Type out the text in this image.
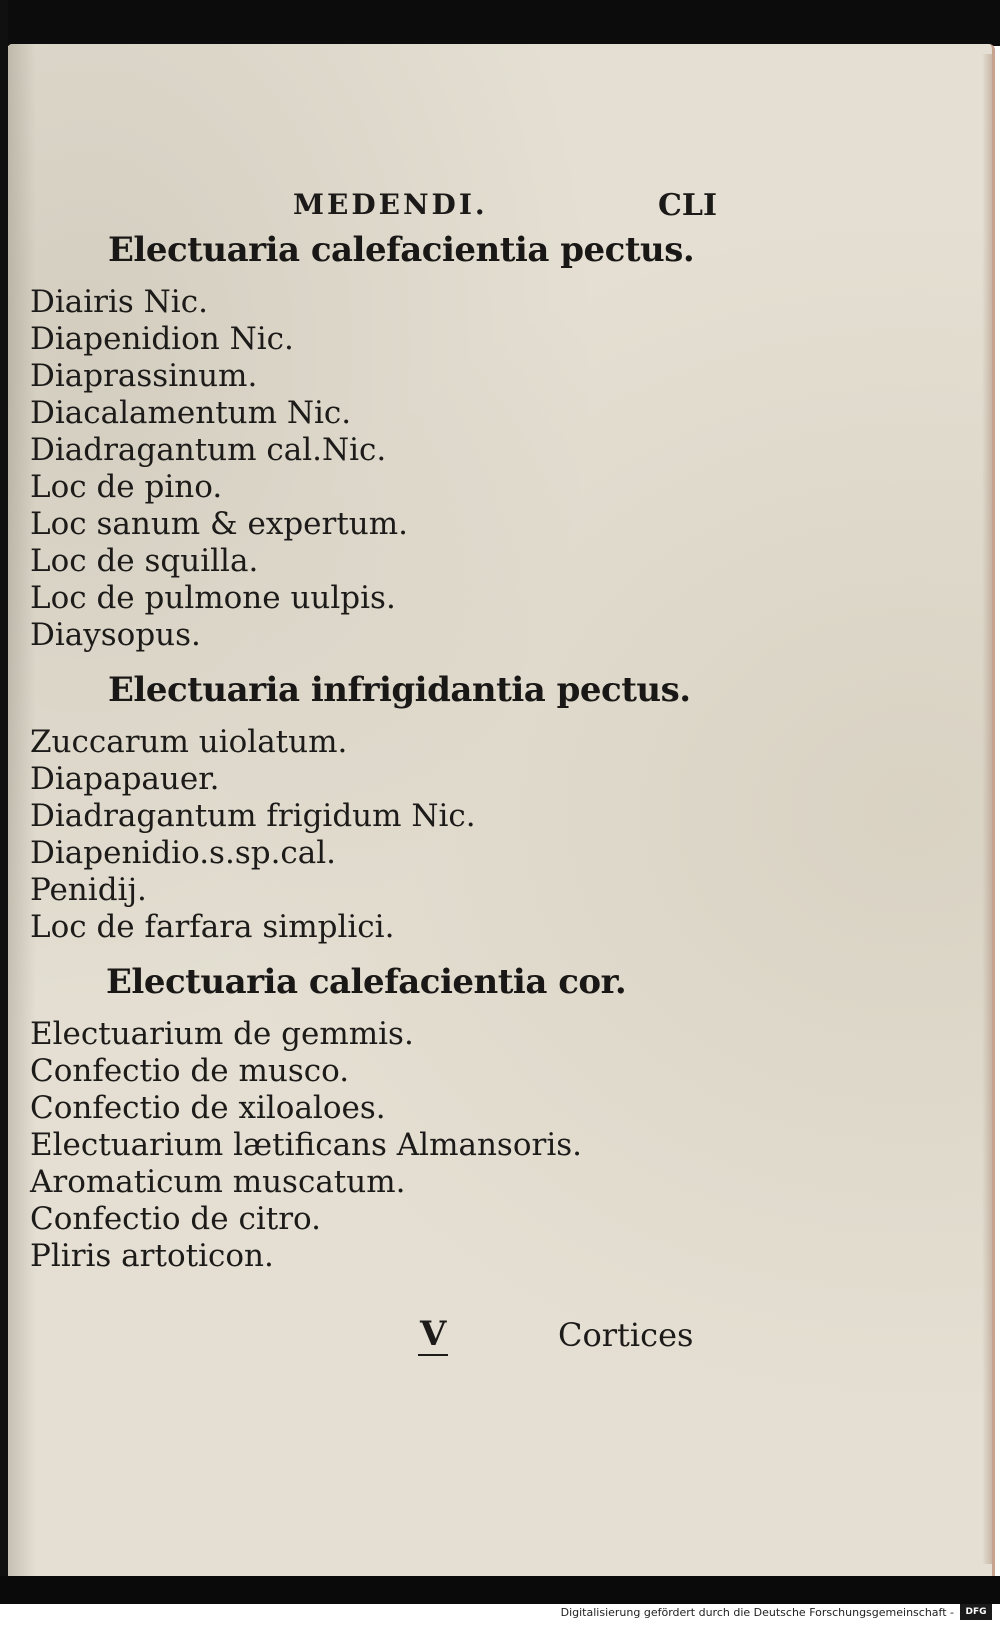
MEDENDI.	CLI
Electuaria calefacientia pectus.
Diairis Nic.
Diapenidion Nic.
Diaprassinum.
Diacalamentum Nic.
Diadragantum cal.Nic.
Loc de pino.
Loc sanum & expertum.
Loc de squilla.
Loc de pulmone uulpis.
Diaysopus.
Electuaria infrigidantia pectus.
Zuccarum uiolatum.
Diapapauer.
Diadragantum frigidum Nic.
Diapenidio.s.sp.cal.
Penidij.
Loc de farfara simplici.
Electuaria calefacientia cor.
Electuarium de gemmis.
Confectio de musco.
Confectio de xiloaloes.
Electuarium lætificans Almansoris.
Aromaticum muscatum.
Confectio de citro.
Pliris artoticon.
V	Cortices
Digitalisierung gefördert durch die Deutsche Forschungsgemeinschaft -	DFG
